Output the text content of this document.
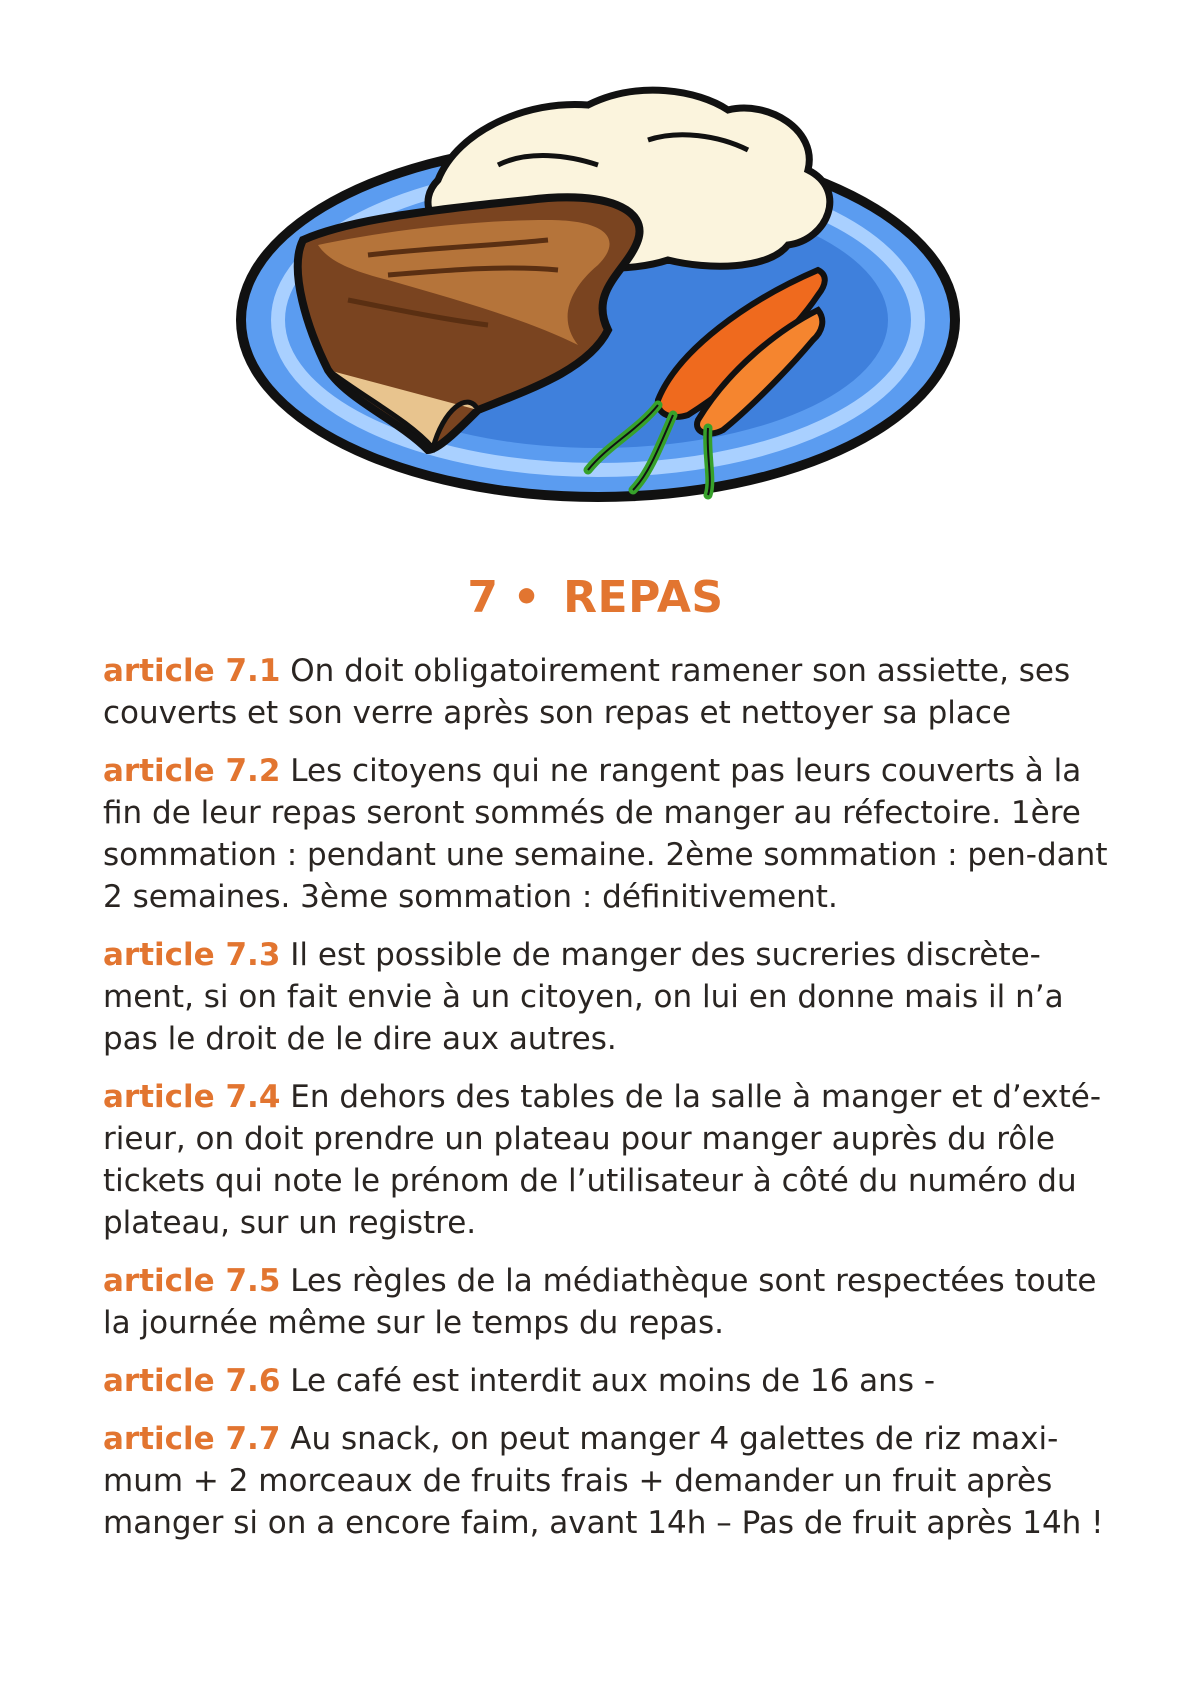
7 • REPAS

article 7.1 On doit obligatoirement ramener son assiette, ses couverts et son verre après son repas et nettoyer sa place

article 7.2 Les citoyens qui ne rangent pas leurs couverts à la fin de leur repas seront sommés de manger au réfectoire. 1ère sommation : pendant une semaine. 2ème sommation : pen-dant 2 semaines. 3ème sommation : définitivement.

article 7.3 Il est possible de manger des sucreries discrète-ment, si on fait envie à un citoyen, on lui en donne mais il n’a pas le droit de le dire aux autres.

article 7.4 En dehors des tables de la salle à manger et d’exté-rieur, on doit prendre un plateau pour manger auprès du rôle tickets qui note le prénom de l’utilisateur à côté du numéro du plateau, sur un registre.

article 7.5 Les règles de la médiathèque sont respectées toute la journée même sur le temps du repas.

article 7.6 Le café est interdit aux moins de 16 ans -

article 7.7 Au snack, on peut manger 4 galettes de riz maxi-mum + 2 morceaux de fruits frais + demander un fruit après manger si on a encore faim, avant 14h – Pas de fruit après 14h !
